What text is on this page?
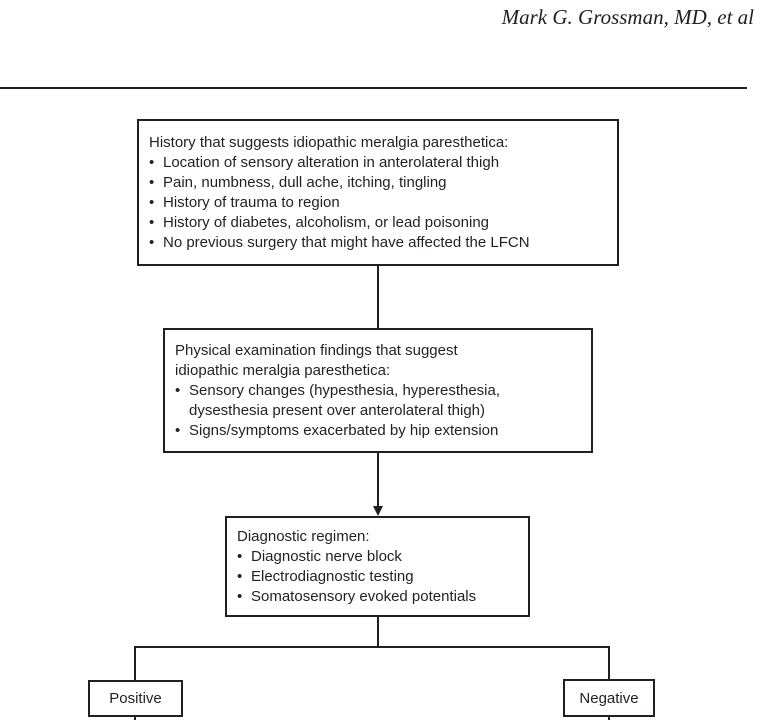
Mark G. Grossman, MD, et al
History that suggests idiopathic meralgia paresthetica:
• Location of sensory alteration in anterolateral thigh
• Pain, numbness, dull ache, itching, tingling
• History of trauma to region
• History of diabetes, alcoholism, or lead poisoning
• No previous surgery that might have affected the LFCN
Physical examination findings that suggest idiopathic meralgia paresthetica:
• Sensory changes (hypesthesia, hyperesthesia, dysesthesia present over anterolateral thigh)
• Signs/symptoms exacerbated by hip extension
Diagnostic regimen:
• Diagnostic nerve block
• Electrodiagnostic testing
• Somatosensory evoked potentials
Positive	Negative
